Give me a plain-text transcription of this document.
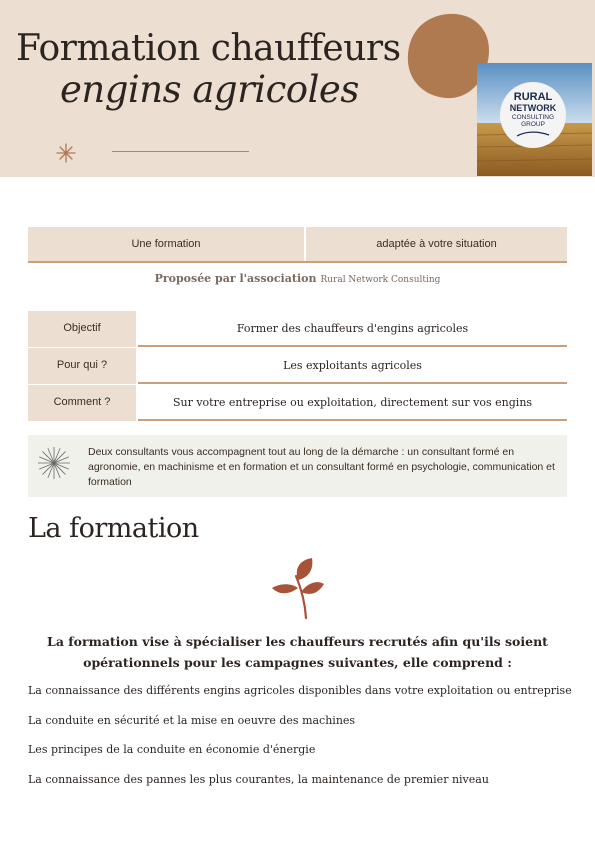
Formation chauffeurs
engins agricoles	RURAL
NETWORK
CONSULTING
GROUP
Une formation	adaptée à votre situation
Proposée par l'association Rural Network Consulting
Objectif	Former des chauffeurs d'engins agricoles
Pour qui ?	Les exploitants agricoles
Comment ?	Sur votre entreprise ou exploitation, directement sur vos engins
Deux consultants vous accompagnent tout au long de la démarche : un consultant formé en agronomie, en machinisme et en formation et un consultant formé en psychologie, communication et formation
La formation
La formation vise à spécialiser les chauffeurs recrutés afin qu'ils soient opérationnels pour les campagnes suivantes, elle comprend :
La connaissance des différents engins agricoles disponibles dans votre exploitation ou entreprise
La conduite en sécurité et la mise en oeuvre des machines
Les principes de la conduite en économie d'énergie
La connaissance des pannes les plus courantes, la maintenance de premier niveau
